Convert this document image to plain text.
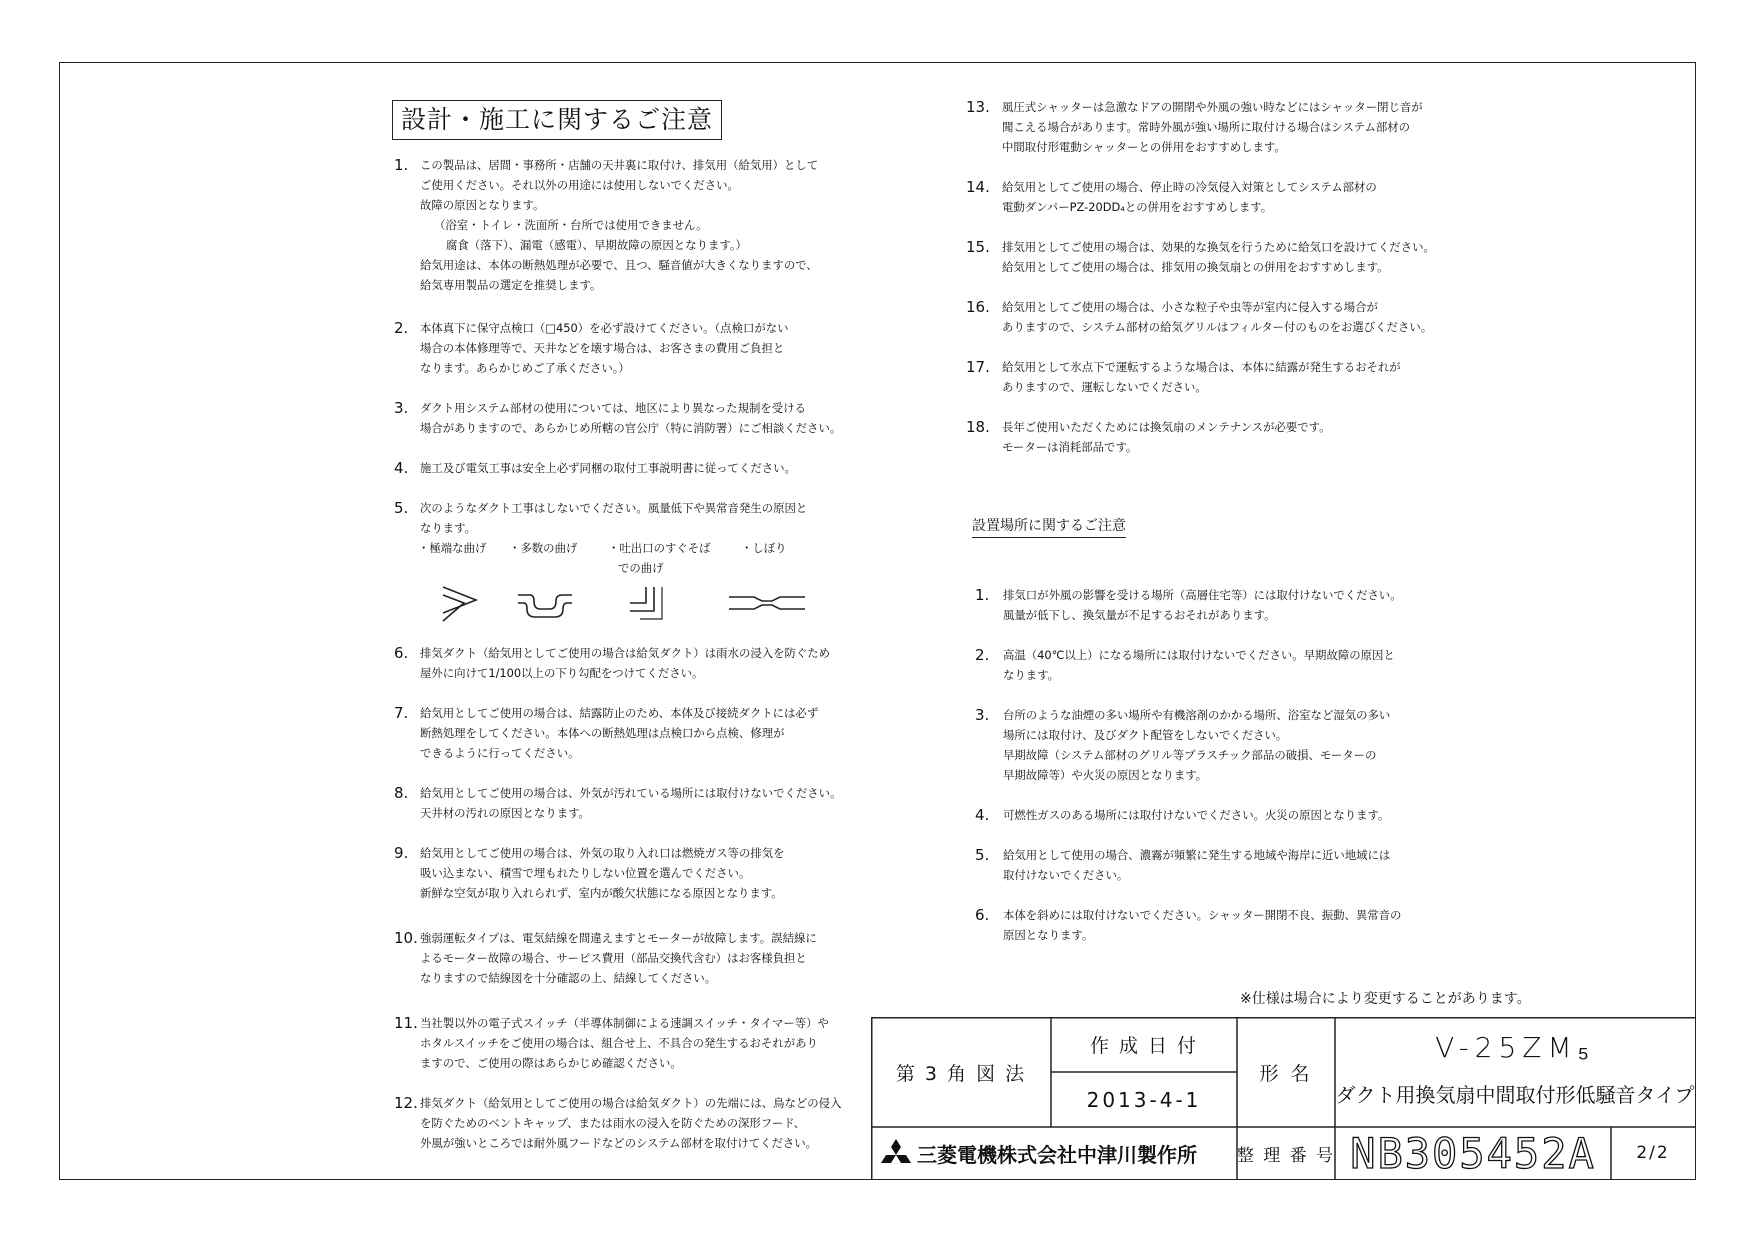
設計・施工に関するご注意
1. この製品は、居間・事務所・店舗の天井裏に取付け、排気用（給気用）として
ご使用ください。それ以外の用途には使用しないでください。
故障の原因となります。
（浴室・トイレ・洗面所・台所では使用できません。
腐食（落下）、漏電（感電）、早期故障の原因となります。）
給気用途は、本体の断熱処理が必要で、且つ、騒音値が大きくなりますので、
給気専用製品の選定を推奨します。
2. 本体真下に保守点検口（□450）を必ず設けてください。（点検口がない
場合の本体修理等で、天井などを壊す場合は、お客さまの費用ご負担と
なります。あらかじめご了承ください。）
3. ダクト用システム部材の使用については、地区により異なった規制を受ける
場合がありますので、あらかじめ所轄の官公庁（特に消防署）にご相談ください。
4. 施工及び電気工事は安全上必ず同梱の取付工事説明書に従ってください。
5. 次のようなダクト工事はしないでください。風量低下や異常音発生の原因と
なります。
6. 排気ダクト（給気用としてご使用の場合は給気ダクト）は雨水の浸入を防ぐため
屋外に向けて1/100以上の下り勾配をつけてください。
7. 給気用としてご使用の場合は、結露防止のため、本体及び接続ダクトには必ず
断熱処理をしてください。本体への断熱処理は点検口から点検、修理が
できるように行ってください。
8. 給気用としてご使用の場合は、外気が汚れている場所には取付けないでください。
天井材の汚れの原因となります。
9. 給気用としてご使用の場合は、外気の取り入れ口は燃焼ガス等の排気を
吸い込まない、積雪で埋もれたりしない位置を選んでください。
新鮮な空気が取り入れられず、室内が酸欠状態になる原因となります。
10. 強弱運転タイプは、電気結線を間違えますとモーターが故障します。誤結線に
よるモーター故障の場合、サービス費用（部品交換代含む）はお客様負担と
なりますので結線図を十分確認の上、結線してください。
11. 当社製以外の電子式スイッチ（半導体制御による速調スイッチ・タイマー等）や
ホタルスイッチをご使用の場合は、組合せ上、不具合の発生するおそれがあり
ますので、ご使用の際はあらかじめ確認ください。
12. 排気ダクト（給気用としてご使用の場合は給気ダクト）の先端には、鳥などの侵入
を防ぐためのベントキャップ、または雨水の浸入を防ぐための深形フード、
外風が強いところでは耐外風フードなどのシステム部材を取付けてください。
・極端な曲げ ・多数の曲げ	・吐出口のすぐそば
での曲げ
・しぼり
13. 風圧式シャッターは急激なドアの開閉や外風の強い時などにはシャッター閉じ音が
聞こえる場合があります。常時外風が強い場所に取付ける場合はシステム部材の
中間取付形電動シャッターとの併用をおすすめします。
14. 給気用としてご使用の場合、停止時の冷気侵入対策としてシステム部材の
電動ダンパーPZ-20DD₄との併用をおすすめします。
15. 排気用としてご使用の場合は、効果的な換気を行うために給気口を設けてください。
給気用としてご使用の場合は、排気用の換気扇との併用をおすすめします。
16. 給気用としてご使用の場合は、小さな粒子や虫等が室内に侵入する場合が
ありますので、システム部材の給気グリルはフィルター付のものをお選びください。
17. 給気用として氷点下で運転するような場合は、本体に結露が発生するおそれが
ありますので、運転しないでください。
18. 長年ご使用いただくためには換気扇のメンテナンスが必要です。
モーターは消耗部品です。
設置場所に関するご注意
1. 排気口が外風の影響を受ける場所（高層住宅等）には取付けないでください。
風量が低下し、換気量が不足するおそれがあります。
2. 高温（40℃以上）になる場所には取付けないでください。早期故障の原因と
なります。
3. 台所のような油煙の多い場所や有機溶剤のかかる場所、浴室など湿気の多い
場所には取付け、及びダクト配管をしないでください。
早期故障（システム部材のグリル等プラスチック部品の破損、モーターの
早期故障等）や火災の原因となります。
4. 可燃性ガスのある場所には取付けないでください。火災の原因となります。
5. 給気用として使用の場合、濃霧が頻繁に発生する地域や海岸に近い地域には
取付けないでください。
6. 本体を斜めには取付けないでください。シャッター開閉不良、振動、異常音の
原因となります。
※仕様は場合により変更することがあります。
第 3 角 図 法
作 成 日 付
2013-4-1
形 名
V-25ZM₅
ダクト用換気扇中間取付形低騒音タイプ
三菱電機株式会社中津川製作所 整 理 番 号 NB305452A	2/2
